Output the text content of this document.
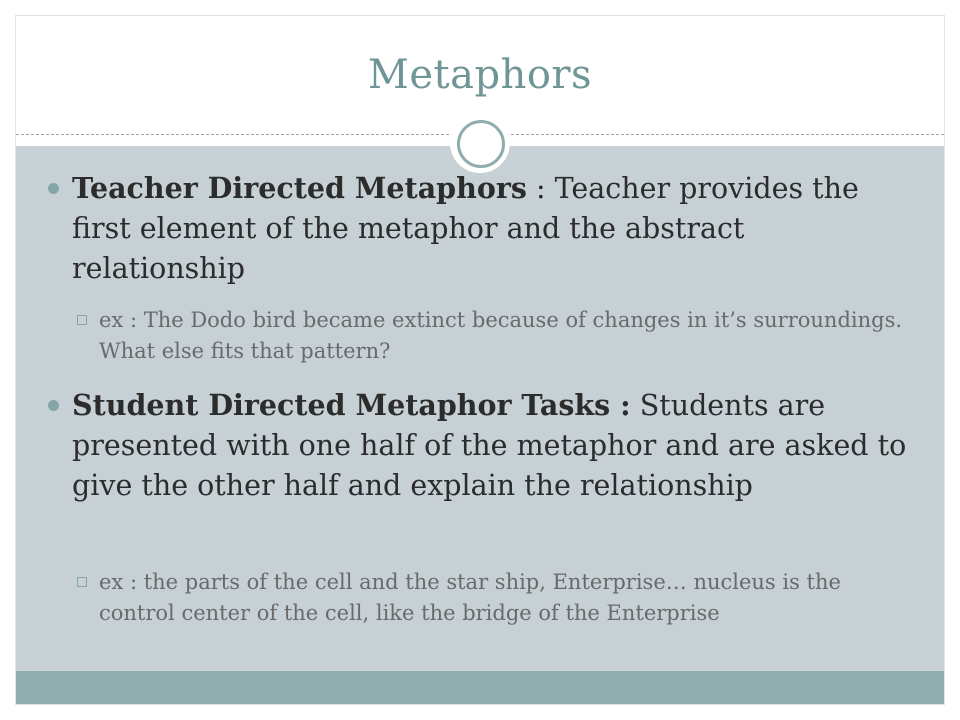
Metaphors
Teacher Directed Metaphors : Teacher provides the first element of the metaphor and the abstract relationship
ex : The Dodo bird became extinct because of changes in it’s surroundings. What else fits that pattern?
Student Directed Metaphor Tasks : Students are presented with one half of the metaphor and are asked to give the other half and explain the relationship
ex : the parts of the cell and the star ship, Enterprise… nucleus is the control center of the cell, like the bridge of the Enterprise
